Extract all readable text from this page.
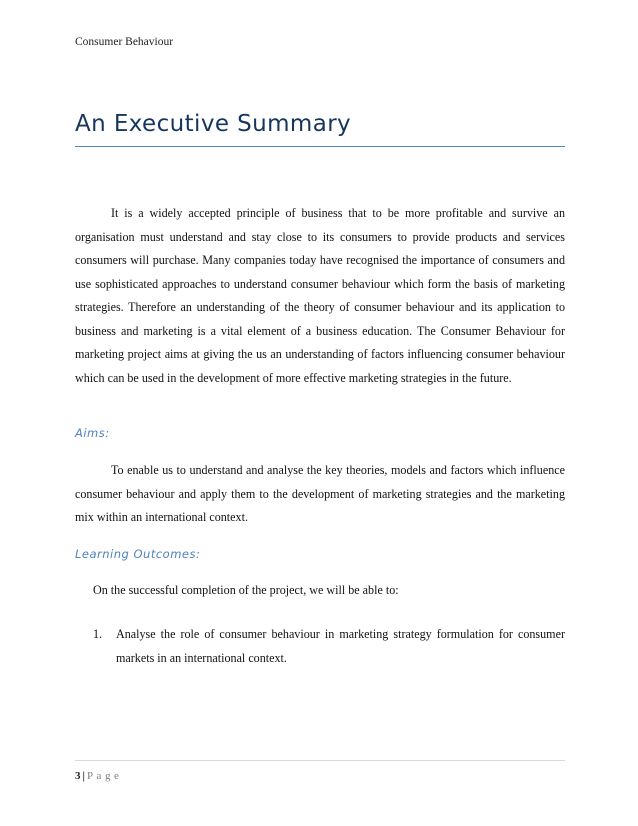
Consumer Behaviour
An Executive Summary

It is a widely accepted principle of business that to be more profitable and survive an organisation must understand and stay close to its consumers to provide products and services consumers will purchase. Many companies today have recognised the importance of consumers and use sophisticated approaches to understand consumer behaviour which form the basis of marketing strategies. Therefore an understanding of the theory of consumer behaviour and its application to business and marketing is a vital element of a business education. The Consumer Behaviour for marketing project aims at giving the us an understanding of factors influencing consumer behaviour which can be used in the development of more effective marketing strategies in the future.

Aims:

To enable us to understand and analyse the key theories, models and factors which influence consumer behaviour and apply them to the development of marketing strategies and the marketing mix within an international context.

Learning Outcomes:

On the successful completion of the project, we will be able to:

1. Analyse the role of consumer behaviour in marketing strategy formulation for consumer markets in an international context.
3 | Page
